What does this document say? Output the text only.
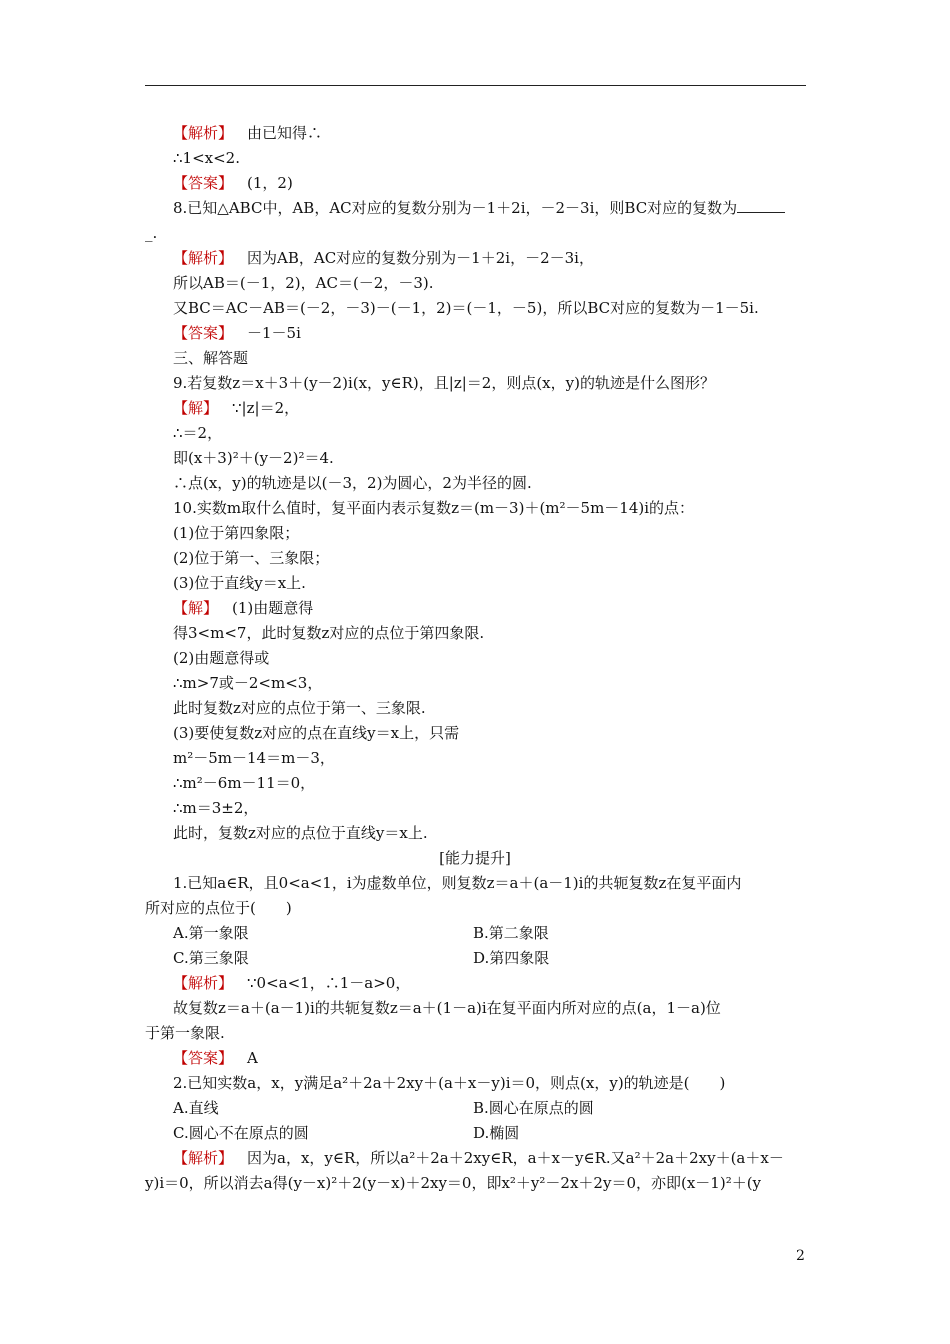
【解析】 由已知得∴
∴1<x<2.
【答案】 (1，2)
8.已知△ABC中，AB，AC对应的复数分别为－1＋2i，－2－3i，则BC对应的复数为
_.
【解析】 因为AB，AC对应的复数分别为－1＋2i，－2－3i，
所以AB＝(－1，2)，AC＝(－2，－3).
又BC＝AC－AB＝(－2，－3)－(－1，2)＝(－1，－5)，所以BC对应的复数为－1－5i.
【答案】 －1－5i
三、解答题
9.若复数z＝x＋3＋(y－2)i(x，y∈R)，且|z|＝2，则点(x，y)的轨迹是什么图形？
【解】 ∵|z|＝2，
∴＝2，
即(x＋3)²＋(y－2)²＝4.
∴点(x，y)的轨迹是以(－3，2)为圆心，2为半径的圆.
10.实数m取什么值时，复平面内表示复数z＝(m－3)＋(m²－5m－14)i的点：
(1)位于第四象限；
(2)位于第一、三象限；
(3)位于直线y＝x上.
【解】 (1)由题意得
得3<m<7，此时复数z对应的点位于第四象限.
(2)由题意得或
∴m>7或－2<m<3，
此时复数z对应的点位于第一、三象限.
(3)要使复数z对应的点在直线y＝x上，只需
m²－5m－14＝m－3，
∴m²－6m－11＝0，
∴m＝3±2，
此时，复数z对应的点位于直线y＝x上.
[能力提升]
1.已知a∈R，且0<a<1，i为虚数单位，则复数z＝a＋(a－1)i的共轭复数z在复平面内
所对应的点位于(　　)
A.第一象限	B.第二象限
C.第三象限	D.第四象限
【解析】 ∵0<a<1，∴1－a>0，
故复数z＝a＋(a－1)i的共轭复数z＝a＋(1－a)i在复平面内所对应的点(a，1－a)位
于第一象限.
【答案】 A
2.已知实数a，x，y满足a²＋2a＋2xy＋(a＋x－y)i＝0，则点(x，y)的轨迹是(　　)
A.直线	B.圆心在原点的圆
C.圆心不在原点的圆	D.椭圆
【解析】 因为a，x，y∈R，所以a²＋2a＋2xy∈R，a＋x－y∈R.又a²＋2a＋2xy＋(a＋x－
y)i＝0，所以消去a得(y－x)²＋2(y－x)＋2xy＝0，即x²＋y²－2x＋2y＝0，亦即(x－1)²＋(y
2
